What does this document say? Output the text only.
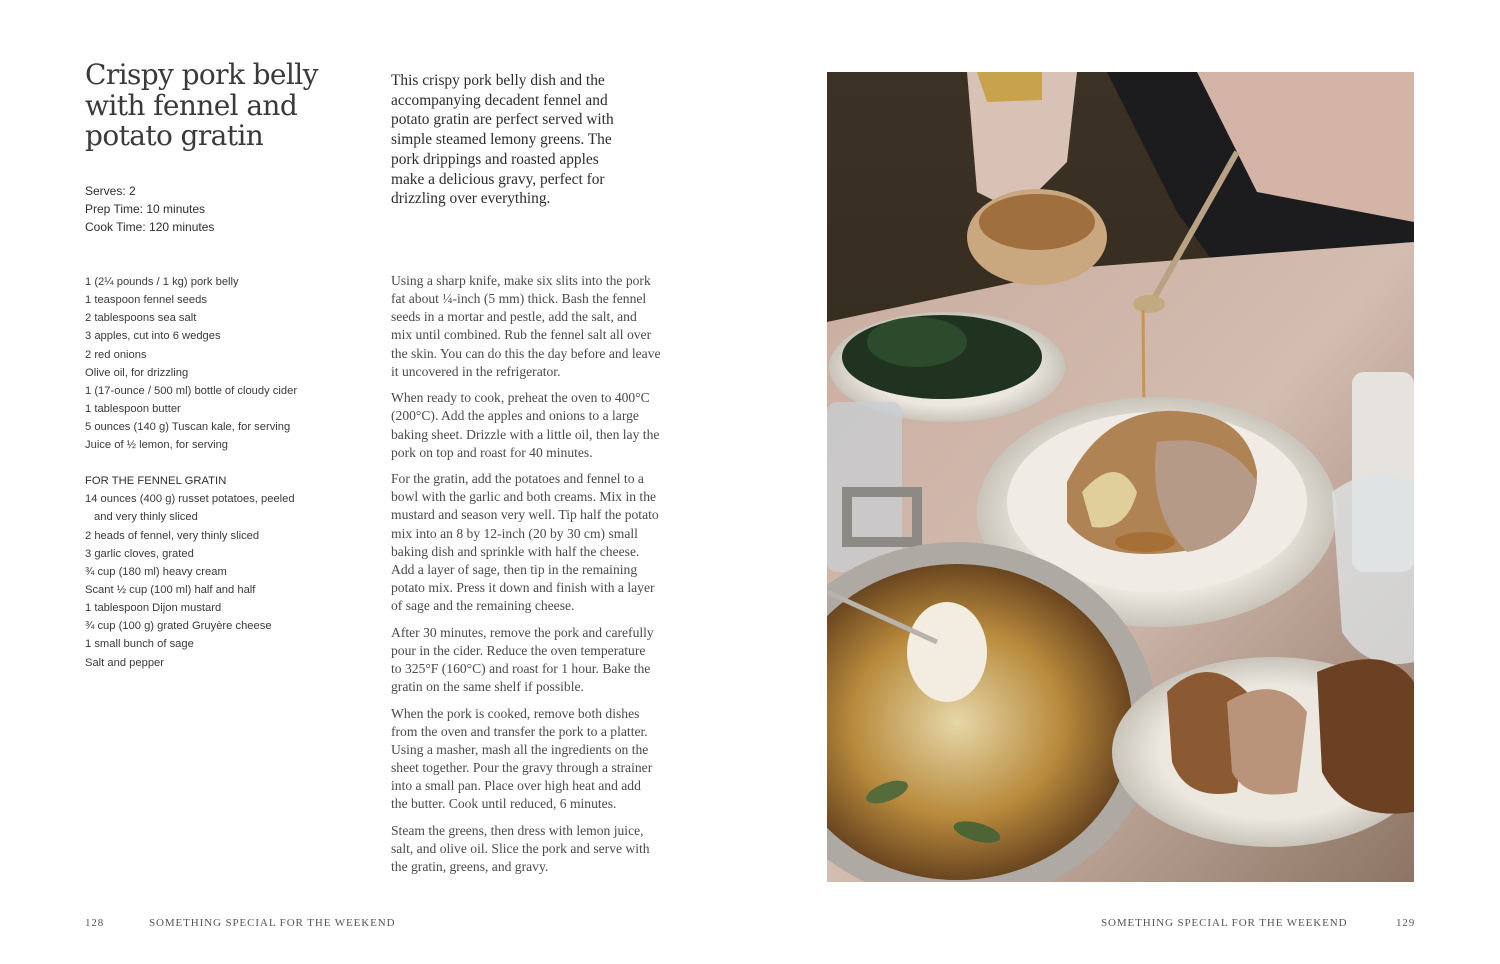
Crispy pork belly
with fennel and
potato gratin
Serves: 2
Prep Time: 10 minutes
Cook Time: 120 minutes
1 (2¼ pounds / 1 kg) pork belly
1 teaspoon fennel seeds
2 tablespoons sea salt
3 apples, cut into 6 wedges
2 red onions
Olive oil, for drizzling
1 (17-ounce / 500 ml) bottle of cloudy cider
1 tablespoon butter
5 ounces (140 g) Tuscan kale, for serving
Juice of ½ lemon, for serving
FOR THE FENNEL GRATIN
14 ounces (400 g) russet potatoes, peeled
and very thinly sliced
2 heads of fennel, very thinly sliced
3 garlic cloves, grated
¾ cup (180 ml) heavy cream
Scant ½ cup (100 ml) half and half
1 tablespoon Dijon mustard
¾ cup (100 g) grated Gruyère cheese
1 small bunch of sage
Salt and pepper
This crispy pork belly dish and the
accompanying decadent fennel and
potato gratin are perfect served with
simple steamed lemony greens. The
pork drippings and roasted apples
make a delicious gravy, perfect for
drizzling over everything.

Using a sharp knife, make six slits into the pork
fat about ¼-inch (5 mm) thick. Bash the fennel
seeds in a mortar and pestle, add the salt, and
mix until combined. Rub the fennel salt all over
the skin. You can do this the day before and leave
it uncovered in the refrigerator.

When ready to cook, preheat the oven to 400°C
(200°C). Add the apples and onions to a large
baking sheet. Drizzle with a little oil, then lay the
pork on top and roast for 40 minutes.

For the gratin, add the potatoes and fennel to a
bowl with the garlic and both creams. Mix in the
mustard and season very well. Tip half the potato
mix into an 8 by 12-inch (20 by 30 cm) small
baking dish and sprinkle with half the cheese.
Add a layer of sage, then tip in the remaining
potato mix. Press it down and finish with a layer
of sage and the remaining cheese.

After 30 minutes, remove the pork and carefully
pour in the cider. Reduce the oven temperature
to 325°F (160°C) and roast for 1 hour. Bake the
gratin on the same shelf if possible.

When the pork is cooked, remove both dishes
from the oven and transfer the pork to a platter.
Using a masher, mash all the ingredients on the
sheet together. Pour the gravy through a strainer
into a small pan. Place over high heat and add
the butter. Cook until reduced, 6 minutes.

Steam the greens, then dress with lemon juice,
salt, and olive oil. Slice the pork and serve with
the gratin, greens, and gravy.

128	SOMETHING SPECIAL FOR THE WEEKEND	SOMETHING SPECIAL FOR THE WEEKEND	129
